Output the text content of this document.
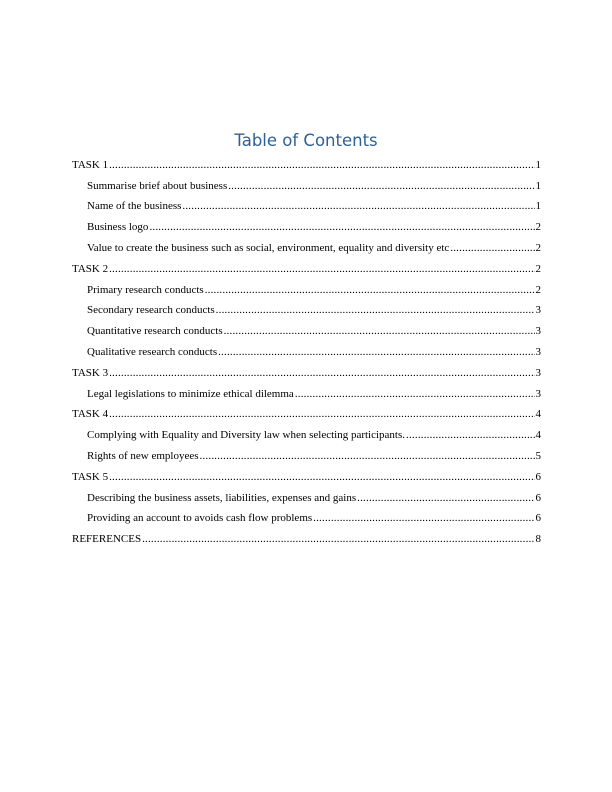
Table of Contents
TASK 1 .....	1
Summarise brief about business .....	1
Name of the business .....	1
Business logo .....	2
Value to create the business such as social, environment, equality and diversity etc .....	2
TASK 2 .....	2
Primary research conducts .....	2
Secondary research conducts .....	3
Quantitative research conducts .....	3
Qualitative research conducts .....	3
TASK 3 .....	3
Legal legislations to minimize ethical dilemma .....	3
TASK 4 .....	4
Complying with Equality and Diversity law when selecting participants. .....	4
Rights of new employees .....	5
TASK 5 .....	6
Describing the business assets, liabilities, expenses and gains .....	6
Providing an account to avoids cash flow problems .....	6
REFERENCES .....	8
